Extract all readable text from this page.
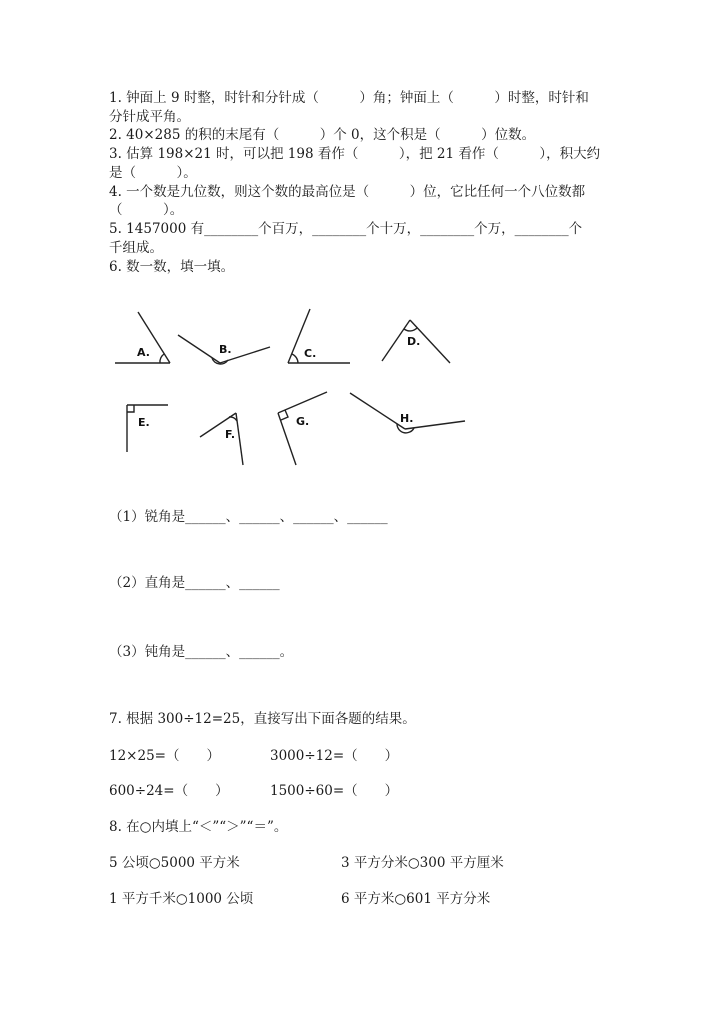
1. 钟面上 9 时整，时针和分针成（　　　）角；钟面上（　　　）时整，时针和
分针成平角。
2. 40×285 的积的末尾有（　　　）个 0，这个积是（　　　）位数。
3. 估算 198×21 时，可以把 198 看作（　　　），把 21 看作（　　　），积大约
是（　　　）。
4. 一个数是九位数，则这个数的最高位是（　　　）位，它比任何一个八位数都
（　　　）。
5. 1457000 有________个百万，________个十万，________个万，________个
千组成。
6. 数一数，填一填。
A.	B.	C.
D.
E.
F.
G.	H.
（1）锐角是______、______、______、______
（2）直角是______、______
（3）钝角是______、______。
7. 根据 300÷12=25，直接写出下面各题的结果。
12×25=（　　）	3000÷12=（　　）
600÷24=（　　）	1500÷60=（　　）
8. 在○内填上“＜”“＞”“＝”。
5 公顷○5000 平方米	3 平方分米○300 平方厘米
1 平方千米○1000 公顷	6 平方米○601 平方分米
